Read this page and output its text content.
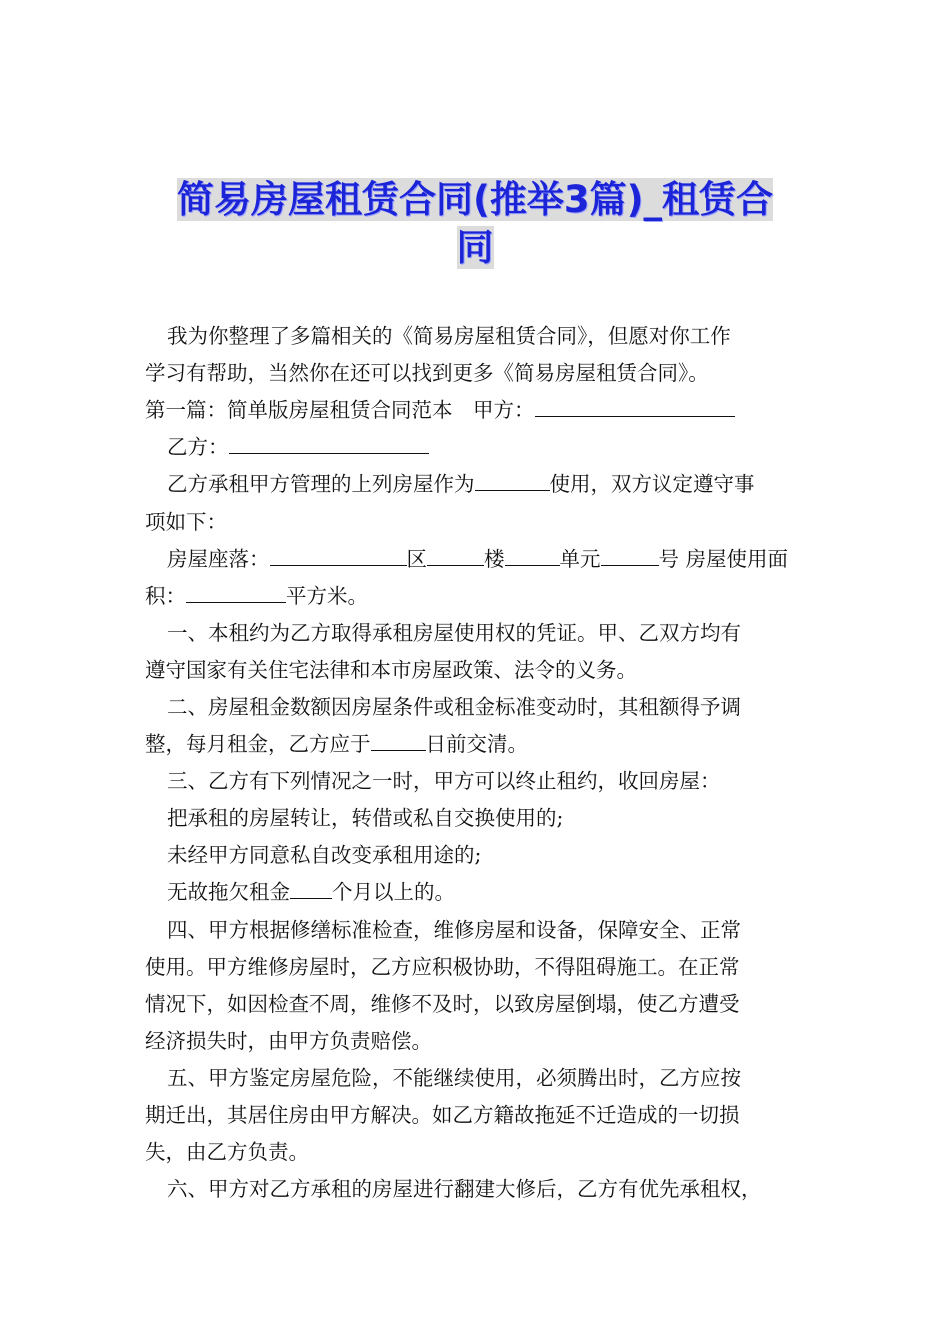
简易房屋租赁合同(推举3篇)_租赁合
同
我为你整理了多篇相关的《简易房屋租赁合同》，但愿对你工作
学习有帮助，当然你在还可以找到更多《简易房屋租赁合同》。
第一篇：简单版房屋租赁合同范本　甲方：
乙方：
乙方承租甲方管理的上列房屋作为	使用，双方议定遵守事
项如下：
房屋座落：	区	楼	单元	号 房屋使用面
积：	平方米。
一、本租约为乙方取得承租房屋使用权的凭证。甲、乙双方均有
遵守国家有关住宅法律和本市房屋政策、法令的义务。
二、房屋租金数额因房屋条件或租金标准变动时，其租额得予调
整，每月租金，乙方应于	日前交清。
三、乙方有下列情况之一时，甲方可以终止租约，收回房屋：
把承租的房屋转让，转借或私自交换使用的;
未经甲方同意私自改变承租用途的;
无故拖欠租金 个月以上的。
四、甲方根据修缮标准检查，维修房屋和设备，保障安全、正常
使用。甲方维修房屋时，乙方应积极协助，不得阻碍施工。在正常
情况下，如因检查不周，维修不及时，以致房屋倒塌，使乙方遭受
经济损失时，由甲方负责赔偿。
五、甲方鉴定房屋危险，不能继续使用，必须腾出时，乙方应按
期迁出，其居住房由甲方解决。如乙方籍故拖延不迁造成的一切损
失，由乙方负责。
六、甲方对乙方承租的房屋进行翻建大修后，乙方有优先承租权，
